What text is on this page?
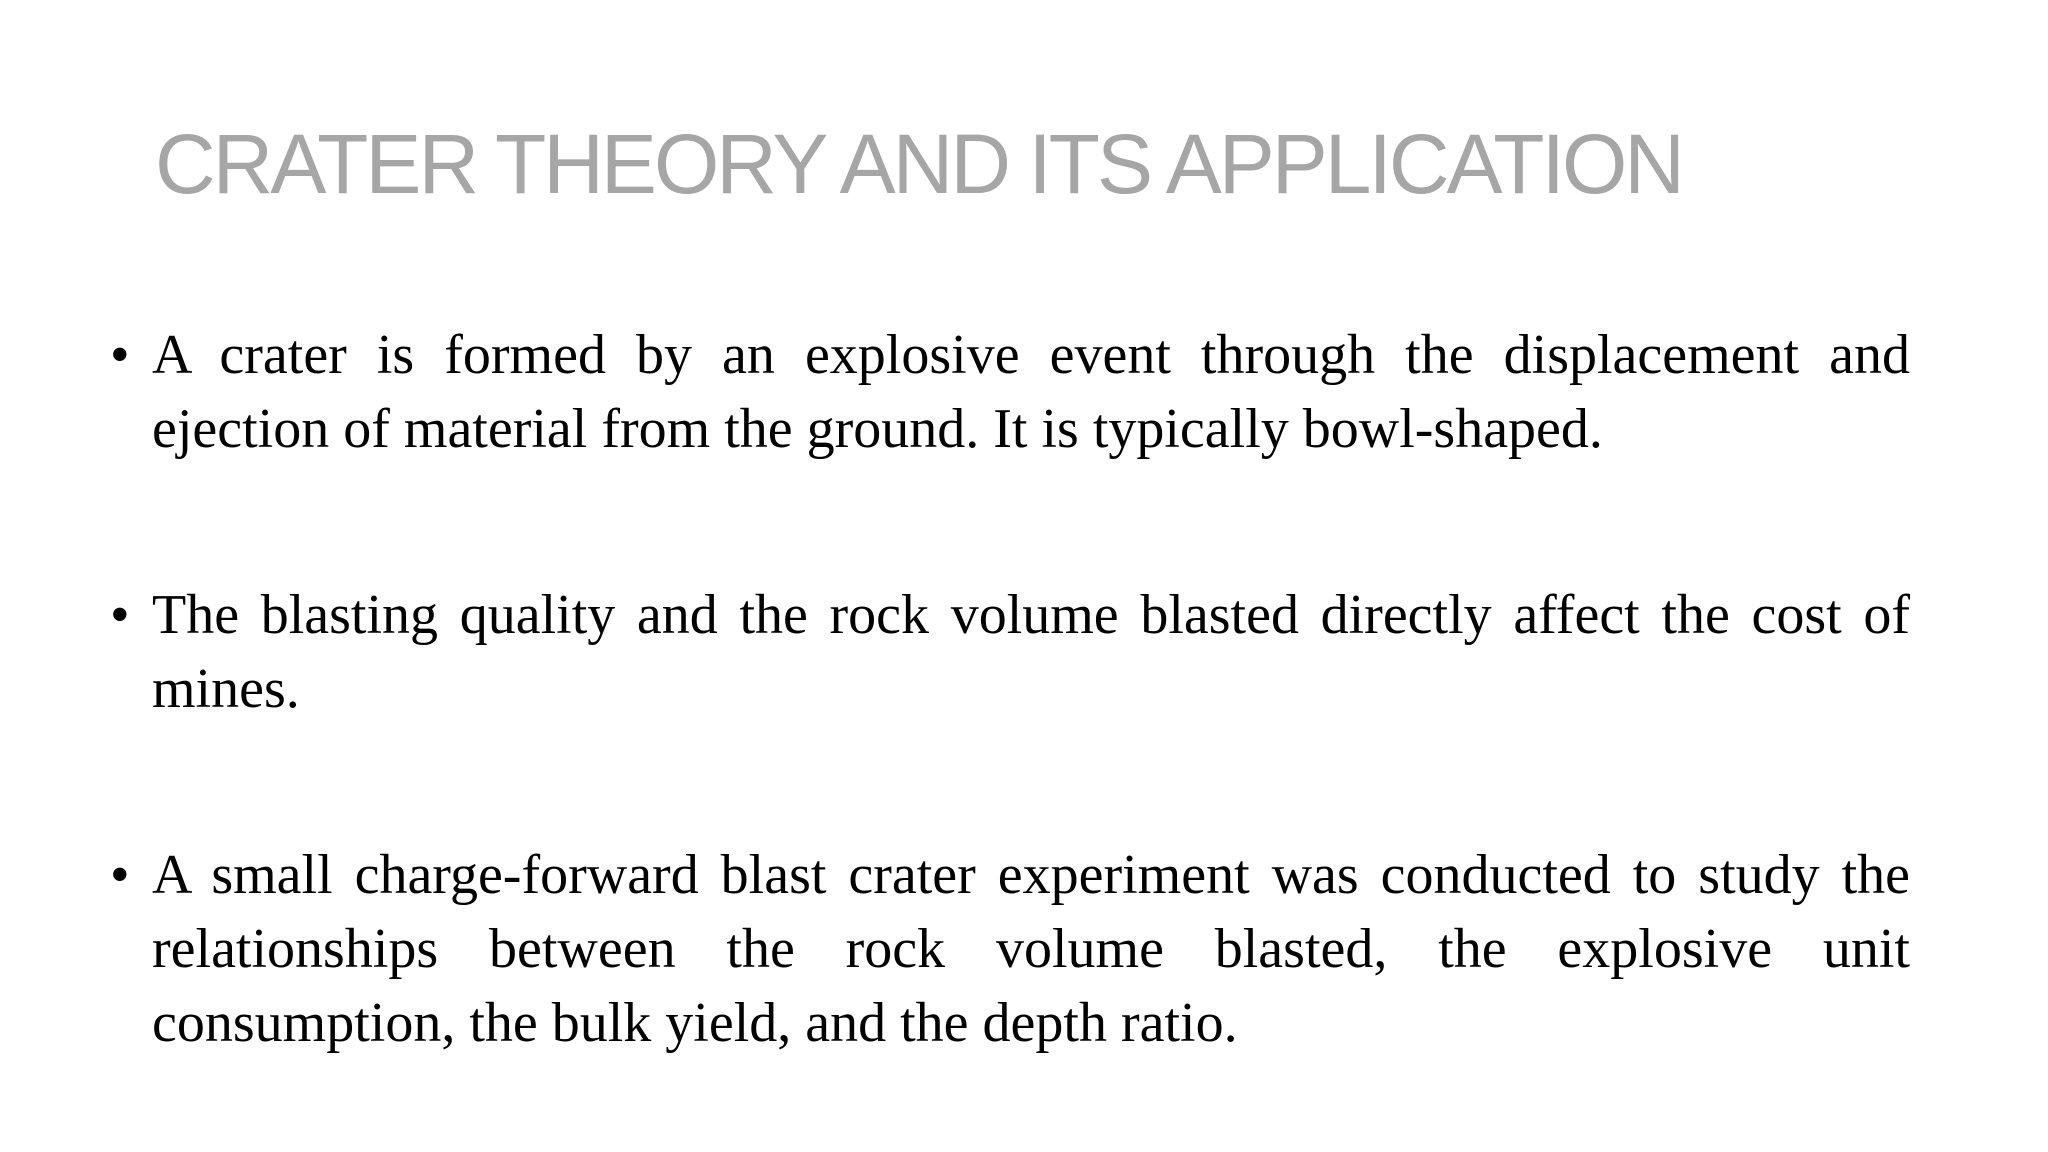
CRATER THEORY AND ITS APPLICATION
• A crater is formed by an explosive event through the displacement and ejection of material from the ground. It is typically bowl-shaped.
• The blasting quality and the rock volume blasted directly affect the cost of mines.
• A small charge-forward blast crater experiment was conducted to study the relationships between the rock volume blasted, the explosive unit consumption, the bulk yield, and the depth ratio.
